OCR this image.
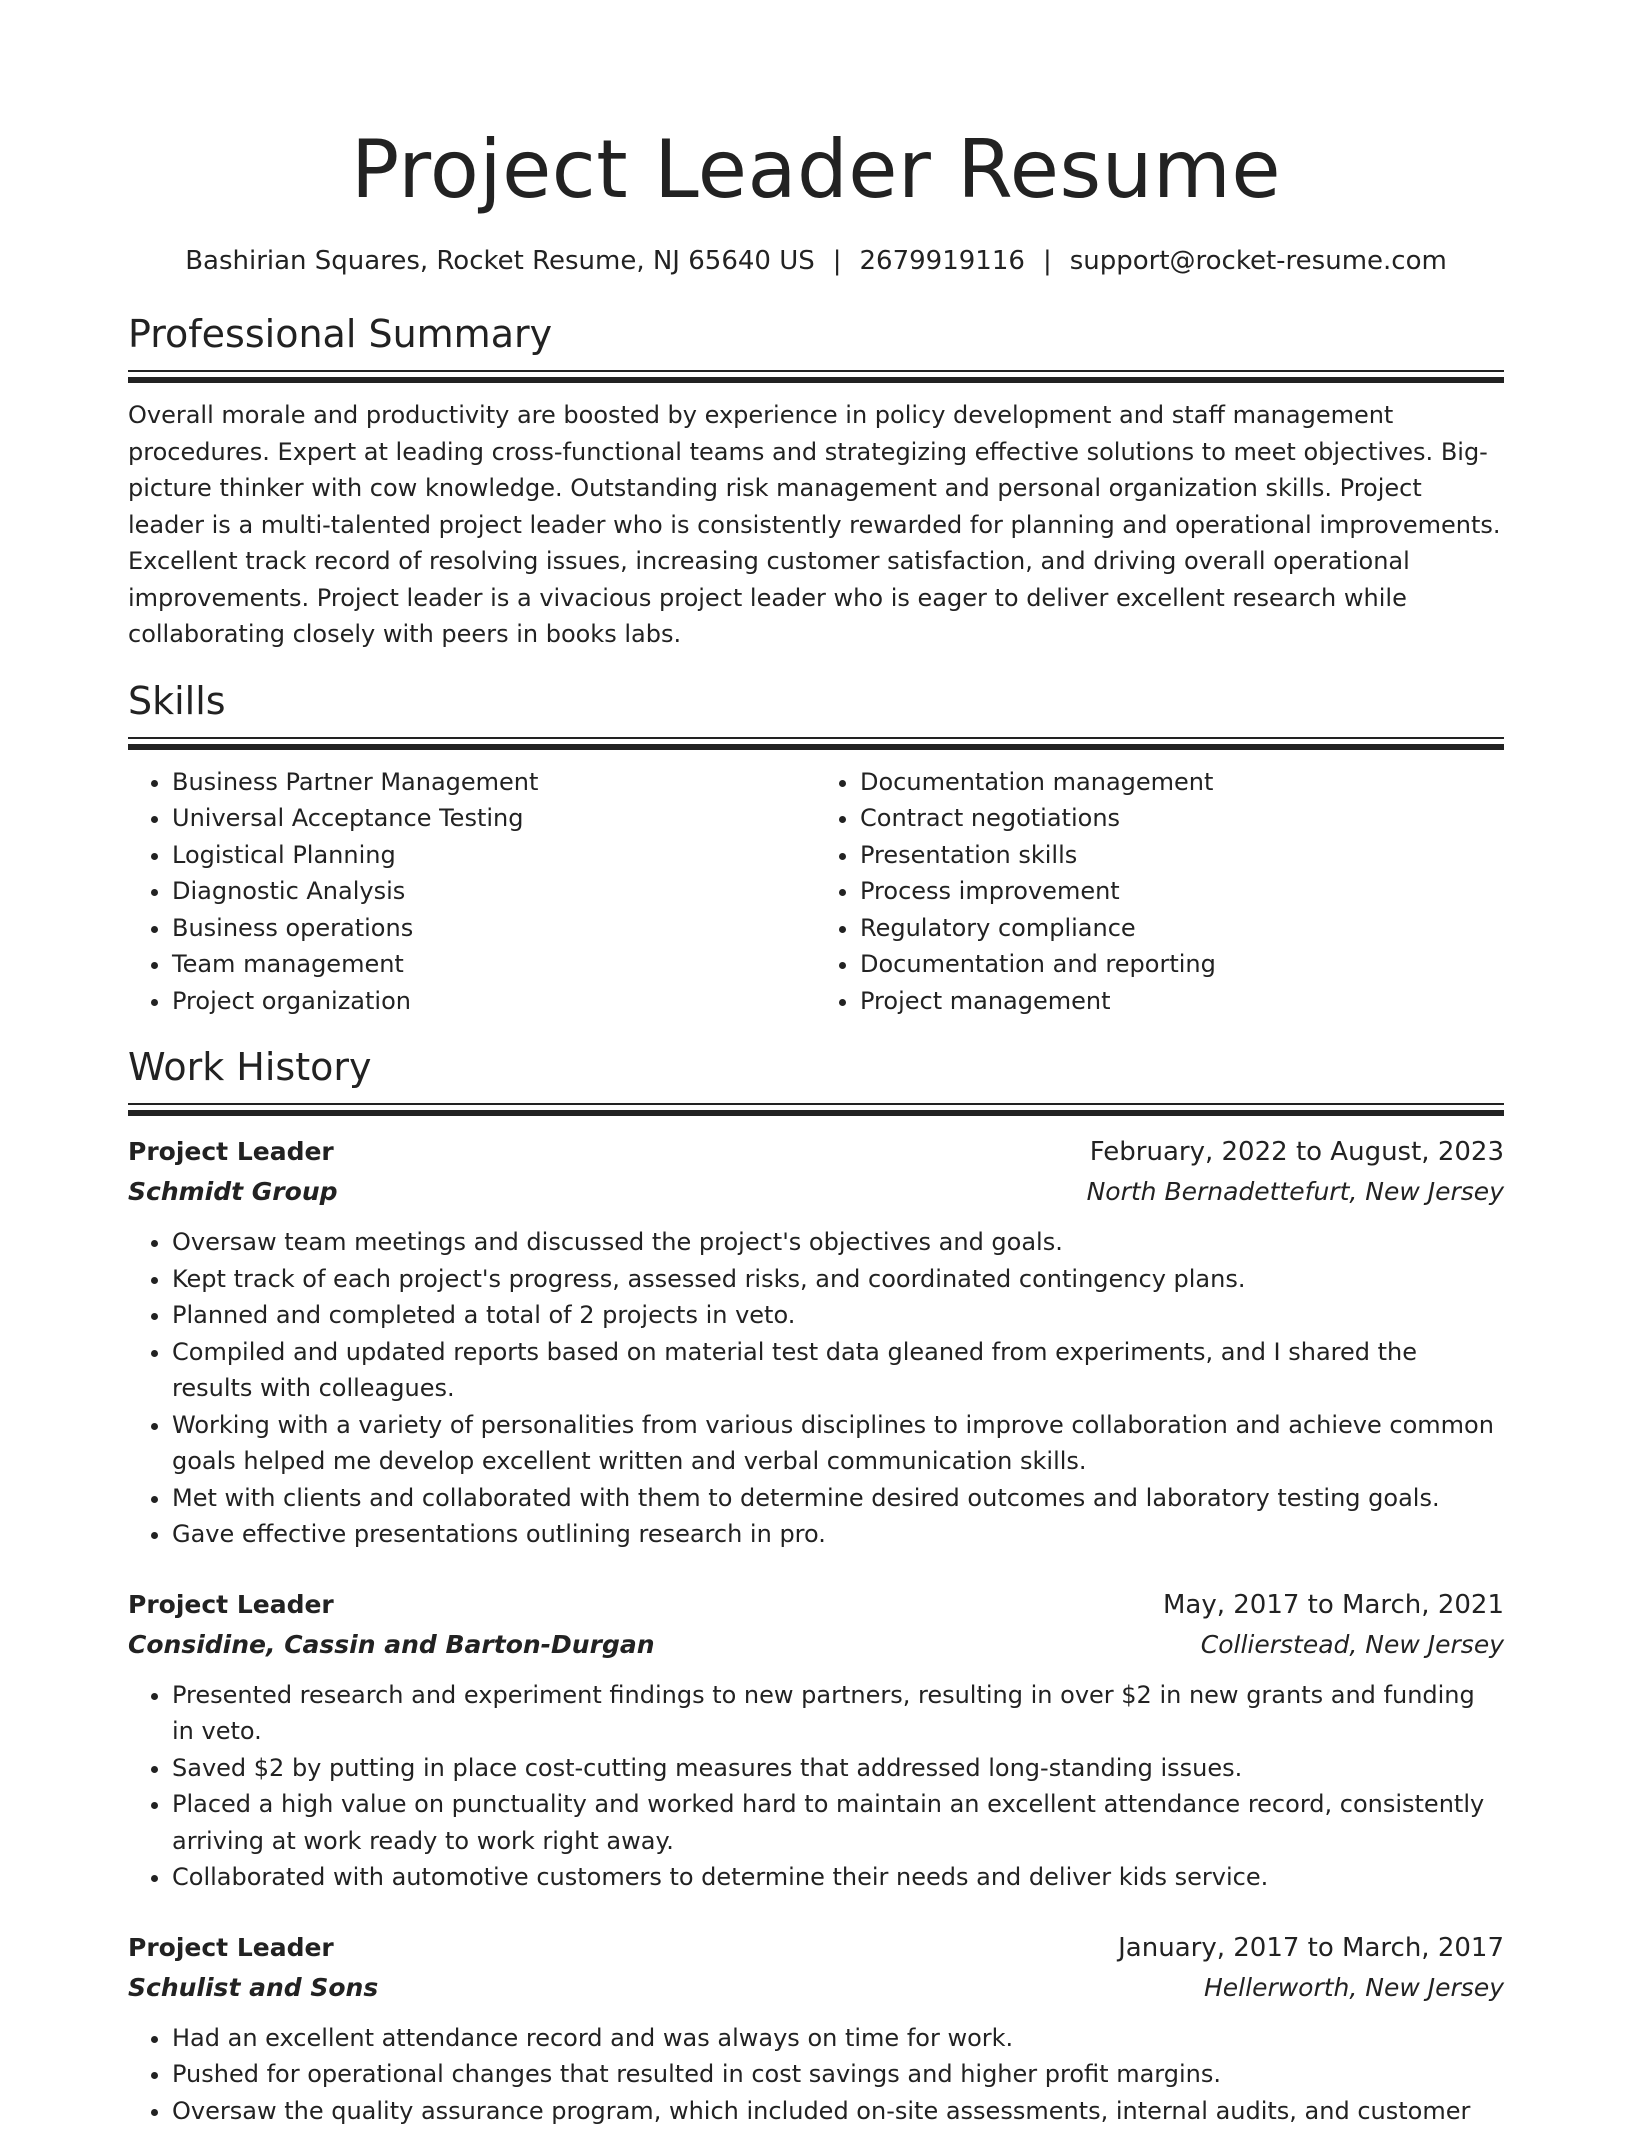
Project Leader Resume
Bashirian Squares, Rocket Resume, NJ 65640 US | 2679919116 | support@rocket-resume.com
Professional Summary

Overall morale and productivity are boosted by experience in policy development and staff management procedures. Expert at leading cross-functional teams and strategizing effective solutions to meet objectives. Big-picture thinker with cow knowledge. Outstanding risk management and personal organization skills. Project leader is a multi-talented project leader who is consistently rewarded for planning and operational improvements. Excellent track record of resolving issues, increasing customer satisfaction, and driving overall operational improvements. Project leader is a vivacious project leader who is eager to deliver excellent research while collaborating closely with peers in books labs.

Skills
• Business Partner Management
• Universal Acceptance Testing
• Logistical Planning
• Diagnostic Analysis
• Business operations
• Team management
• Project organization
• Documentation management
• Contract negotiations
• Presentation skills
• Process improvement
• Regulatory compliance
• Documentation and reporting
• Project management
Work History
Project Leader	February, 2022 to August, 2023
Schmidt Group	North Bernadettefurt, New Jersey
• Oversaw team meetings and discussed the project's objectives and goals.
• Kept track of each project's progress, assessed risks, and coordinated contingency plans.
• Planned and completed a total of 2 projects in veto.
• Compiled and updated reports based on material test data gleaned from experiments, and I shared the results with colleagues.
• Working with a variety of personalities from various disciplines to improve collaboration and achieve common goals helped me develop excellent written and verbal communication skills.
• Met with clients and collaborated with them to determine desired outcomes and laboratory testing goals.
• Gave effective presentations outlining research in pro.
Project Leader	May, 2017 to March, 2021
Considine, Cassin and Barton-Durgan	Collierstead, New Jersey
• Presented research and experiment findings to new partners, resulting in over $2 in new grants and funding in veto.
• Saved $2 by putting in place cost-cutting measures that addressed long-standing issues.
• Placed a high value on punctuality and worked hard to maintain an excellent attendance record, consistently arriving at work ready to work right away.
• Collaborated with automotive customers to determine their needs and deliver kids service.
Project Leader	January, 2017 to March, 2017
Schulist and Sons	Hellerworth, New Jersey
• Had an excellent attendance record and was always on time for work.
• Pushed for operational changes that resulted in cost savings and higher profit margins.
• Oversaw the quality assurance program, which included on-site assessments, internal audits, and customer
